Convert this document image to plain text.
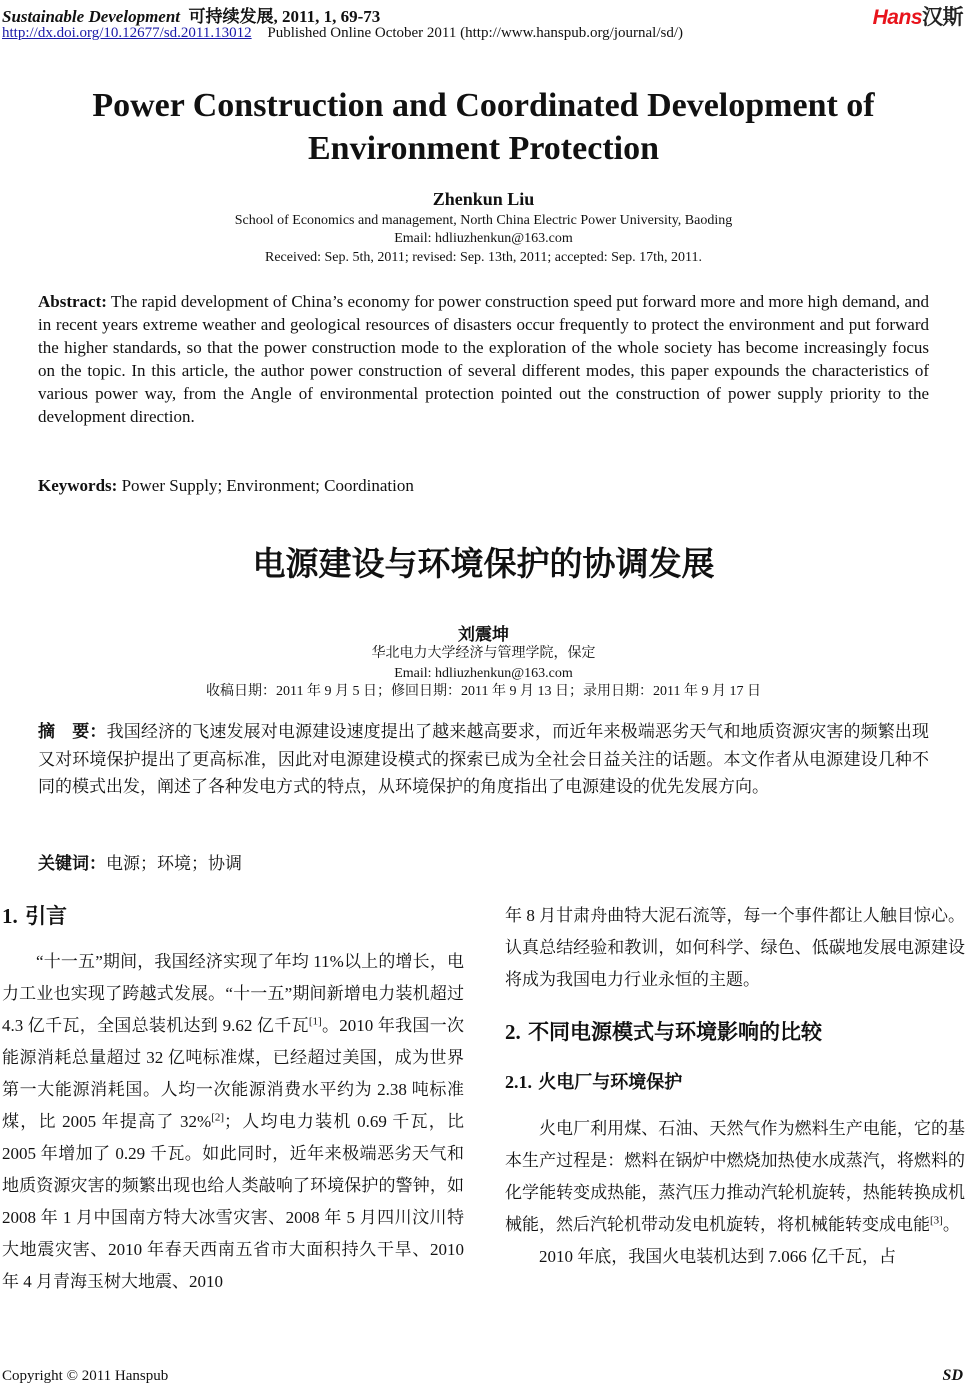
Sustainable Development 可持续发展, 2011, 1, 69-73
http://dx.doi.org/10.12677/sd.2011.13012 Published Online October 2011 (http://www.hanspub.org/journal/sd/)
Hans汉斯
Power Construction and Coordinated Development of
Environment Protection
Zhenkun Liu
School of Economics and management, North China Electric Power University, Baoding
Email: hdliuzhenkun@163.com
Received: Sep. 5th, 2011; revised: Sep. 13th, 2011; accepted: Sep. 17th, 2011.
Abstract: The rapid development of China’s economy for power construction speed put forward more and more high demand, and in recent years extreme weather and geological resources of disasters occur frequently to protect the environment and put forward the higher standards, so that the power construction mode to the exploration of the whole society has become increasingly focus on the topic. In this article, the author power construction of several different modes, this paper expounds the characteristics of various power way, from the Angle of environmental protection pointed out the construction of power supply priority to the development direction.
Keywords: Power Supply; Environment; Coordination
电源建设与环境保护的协调发展
刘震坤
华北电力大学经济与管理学院，保定
Email: hdliuzhenkun@163.com
收稿日期：2011 年 9 月 5 日；修回日期：2011 年 9 月 13 日；录用日期：2011 年 9 月 17 日
摘　要：我国经济的飞速发展对电源建设速度提出了越来越高要求，而近年来极端恶劣天气和地质资源灾害的频繁出现又对环境保护提出了更高标准，因此对电源建设模式的探索已成为全社会日益关注的话题。本文作者从电源建设几种不同的模式出发，阐述了各种发电方式的特点，从环境保护的角度指出了电源建设的优先发展方向。
关键词：电源；环境；协调
1. 引言
“十一五”期间，我国经济实现了年均 11%以上的增长，电力工业也实现了跨越式发展。“十一五”期间新增电力装机超过 4.3 亿千瓦，全国总装机达到 9.62 亿千瓦[1]。2010 年我国一次能源消耗总量超过 32 亿吨标准煤，已经超过美国，成为世界第一大能源消耗国。人均一次能源消费水平约为 2.38 吨标准煤，比 2005 年提高了 32%[2]；人均电力装机 0.69 千瓦，比 2005 年增加了 0.29 千瓦。如此同时，近年来极端恶劣天气和地质资源灾害的频繁出现也给人类敲响了环境保护的警钟，如 2008 年 1 月中国南方特大冰雪灾害、2008 年 5 月四川汶川特大地震灾害、2010 年春天西南五省市大面积持久干旱、2010 年 4 月青海玉树大地震、2010
年 8 月甘肃舟曲特大泥石流等，每一个事件都让人触目惊心。认真总结经验和教训，如何科学、绿色、低碳地发展电源建设将成为我国电力行业永恒的主题。
2. 不同电源模式与环境影响的比较
2.1. 火电厂与环境保护
火电厂利用煤、石油、天然气作为燃料生产电能，它的基本生产过程是：燃料在锅炉中燃烧加热使水成蒸汽，将燃料的化学能转变成热能，蒸汽压力推动汽轮机旋转，热能转换成机械能，然后汽轮机带动发电机旋转，将机械能转变成电能[3]。
2010 年底，我国火电装机达到 7.066 亿千瓦，占
Copyright © 2011 Hanspub	SD
